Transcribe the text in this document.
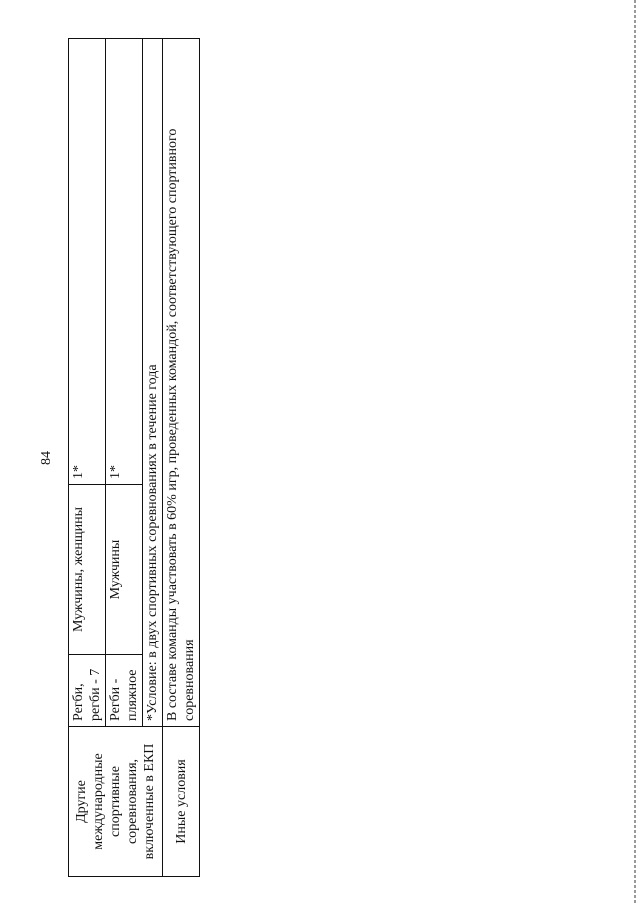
84
Другие международные спортивные соревнования, включенные в ЕКП	Регби, регби - 7	Мужчины, женщины	1*
	Регби - пляжное	Мужчины	1*
	*Условие: в двух спортивных соревнованиях в течение года		
Иные условия	В составе команды участвовать в 60% игр, проведенных командой, соответствующего спортивного соревнования		
